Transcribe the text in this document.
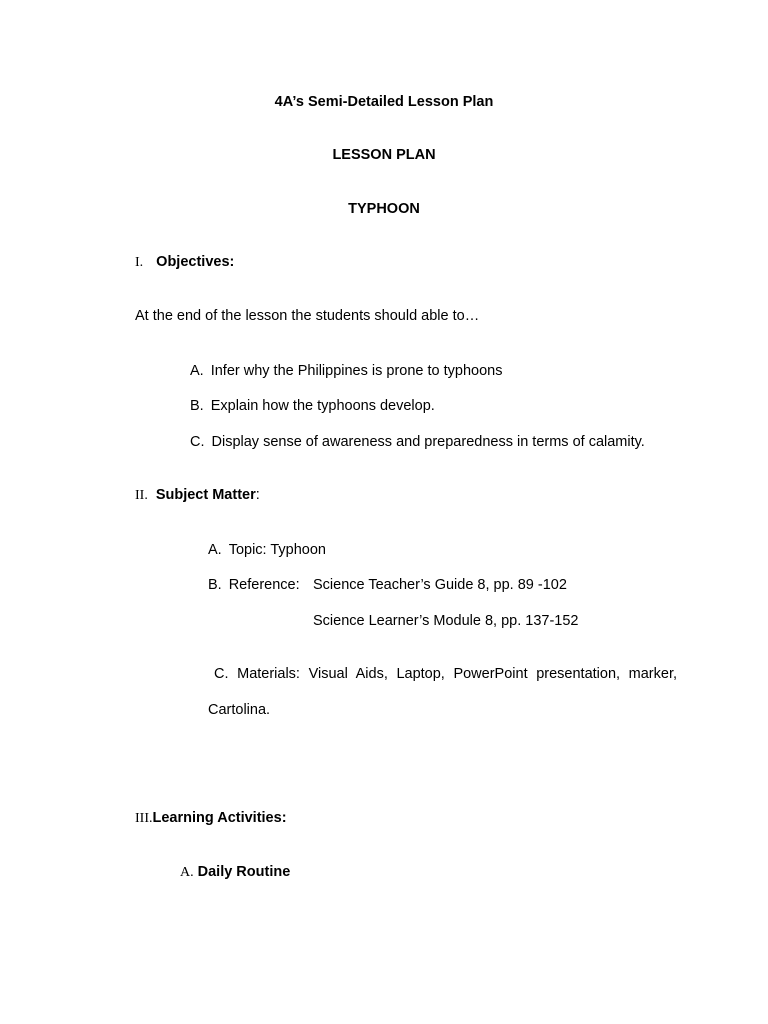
4A’s Semi-Detailed Lesson Plan
LESSON PLAN
TYPHOON
I. Objectives:
At the end of the lesson the students should able to…
A. Infer why the Philippines is prone to typhoons
B. Explain how the typhoons develop.
C. Display sense of awareness and preparedness in terms of calamity.
II. Subject Matter:
A. Topic: Typhoon
B. Reference: Science Teacher’s Guide 8, pp. 89 -102
Science Learner’s Module 8, pp. 137-152
C. Materials: Visual Aids, Laptop, PowerPoint presentation, marker, Cartolina.
III.Learning Activities:
A. Daily Routine
